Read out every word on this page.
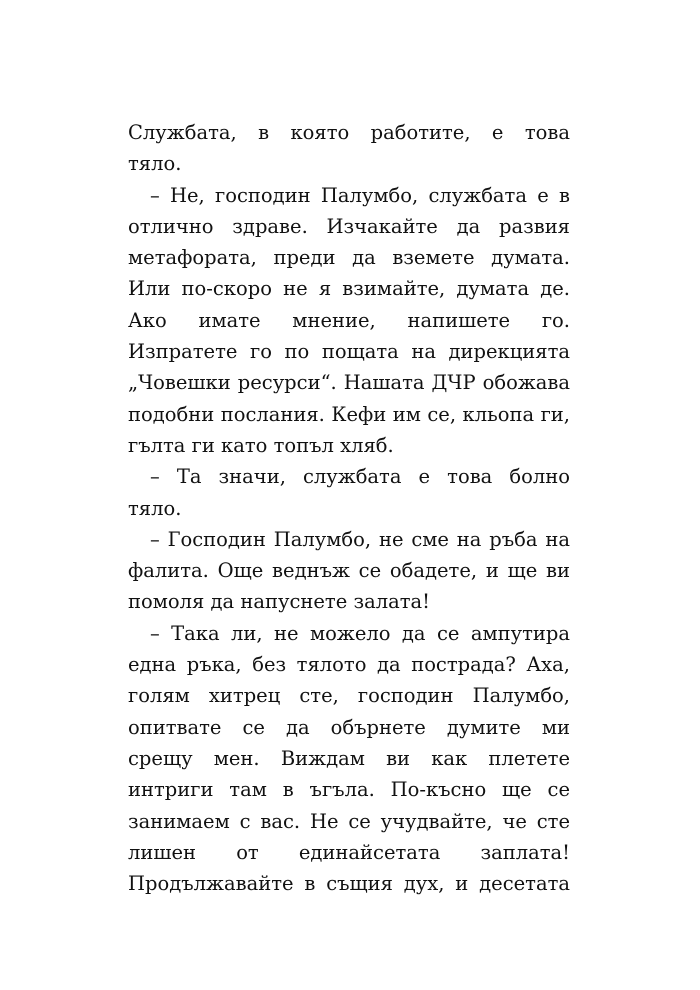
Службата, в която работите, е това
тяло.
– Не, господин Палумбо, службата е в
отлично здраве. Изчакайте да развия
метафората, преди да вземете думата.
Или по-скоро не я взимайте, думата де.
Ако имате мнение, напишете го.
Изпратете го по пощата на дирекцията
„Човешки ресурси“. Нашата ДЧР обожава
подобни послания. Кефи им се, кльопа ги,
гълта ги като топъл хляб.
– Та значи, службата е това болно
тяло.
– Господин Палумбо, не сме на ръба на
фалита. Още веднъж се обадете, и ще ви
помоля да напуснете залата!
– Така ли, не можело да се ампутира
една ръка, без тялото да пострада? Аха,
голям хитрец сте, господин Палумбо,
опитвате се да обърнете думите ми
срещу мен. Виждам ви как плетете
интриги там в ъгъла. По-късно ще се
занимаем с вас. Не се учудвайте, че сте
лишен от единайсетата заплата!
Продължавайте в същия дух, и десетата
